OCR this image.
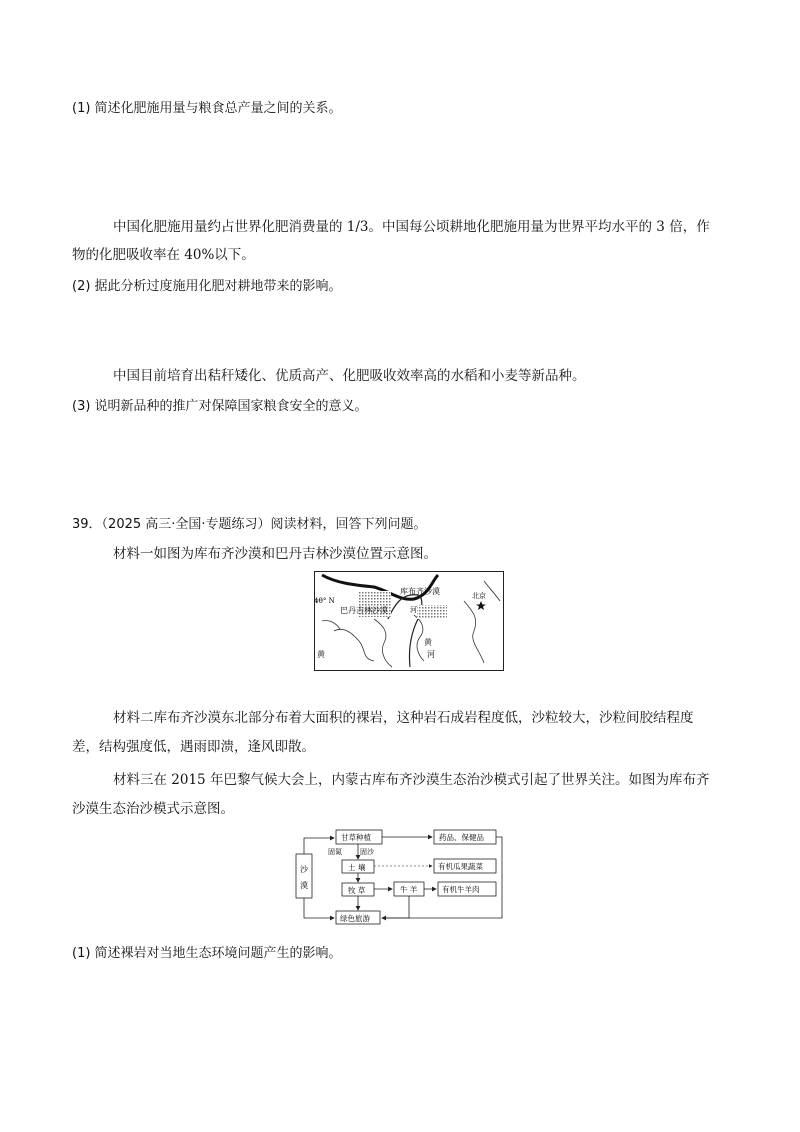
(1) 简述化肥施用量与粮食总产量之间的关系。
中国化肥施用量约占世界化肥消费量的 1/3。中国每公顷耕地化肥施用量为世界平均水平的 3 倍，作
物的化肥吸收率在 40%以下。
(2) 据此分析过度施用化肥对耕地带来的影响。
中国目前培育出秸秆矮化、优质高产、化肥吸收效率高的水稻和小麦等新品种。
(3) 说明新品种的推广对保障国家粮食安全的意义。
39．（2025 高三·全国·专题练习）阅读材料，回答下列问题。
材料一如图为库布齐沙漠和巴丹吉林沙漠位置示意图。
40° N
库布齐沙漠
巴丹吉林沙漠	河
黄
河
黄
北京
材料二库布齐沙漠东北部分布着大面积的裸岩，这种岩石成岩程度低，沙粒较大，沙粒间胶结程度
差，结构强度低，遇雨即溃，逢风即散。
材料三在 2015 年巴黎气候大会上，内蒙古库布齐沙漠生态治沙模式引起了世界关注。如图为库布齐
沙漠生态治沙模式示意图。
沙
漠
甘草种植
固氮	固沙
土 壤
牧 草	牛 羊
绿色旅游
药品、保健品
有机瓜果蔬菜
有机牛羊肉
(1) 简述裸岩对当地生态环境问题产生的影响。
